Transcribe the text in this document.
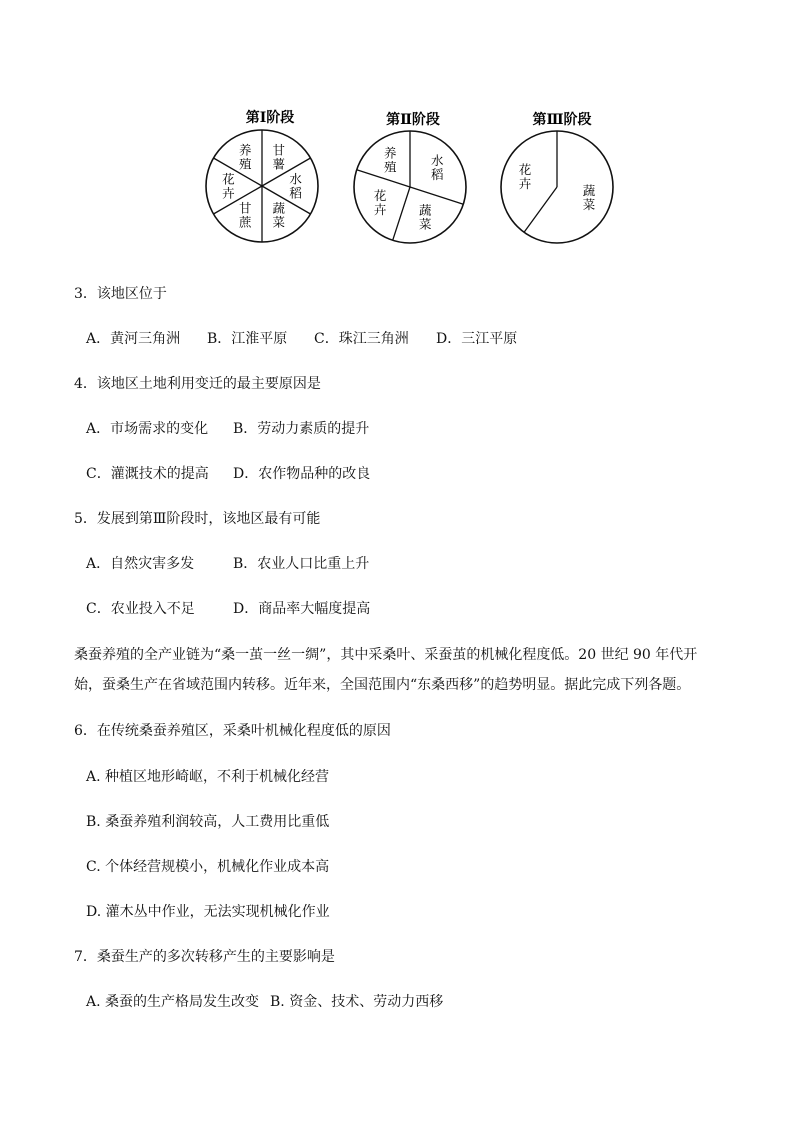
第Ⅰ阶段	第Ⅱ阶段	第Ⅲ阶段
甘薯
水稻
蔬菜
甘蔗
花卉
养殖	水稻
蔬菜
花卉
养殖
蔬菜
花卉
3．该地区位于
A．黄河三角洲 B．江淮平原 C．珠江三角洲 D．三江平原
4．该地区土地利用变迁的最主要原因是
A．市场需求的变化 B．劳动力素质的提升
C．灌溉技术的提高 D．农作物品种的改良
5．发展到第Ⅲ阶段时，该地区最有可能
A．自然灾害多发	B．农业人口比重上升
C．农业投入不足	D．商品率大幅度提高
桑蚕养殖的全产业链为“桑一茧一丝一绸”，其中采桑叶、采蚕茧的机械化程度低。20 世纪 90 年代开始，蚕桑生产在省域范围内转移。近年来，全国范围内“东桑西移”的趋势明显。据此完成下列各题。
6．在传统桑蚕养殖区，采桑叶机械化程度低的原因
A. 种植区地形崎岖，不利于机械化经营
B. 桑蚕养殖利润较高，人工费用比重低
C. 个体经营规模小，机械化作业成本高
D. 灌木丛中作业，无法实现机械化作业
7．桑蚕生产的多次转移产生的主要影响是
A. 桑蚕的生产格局发生改变 B. 资金、技术、劳动力西移
